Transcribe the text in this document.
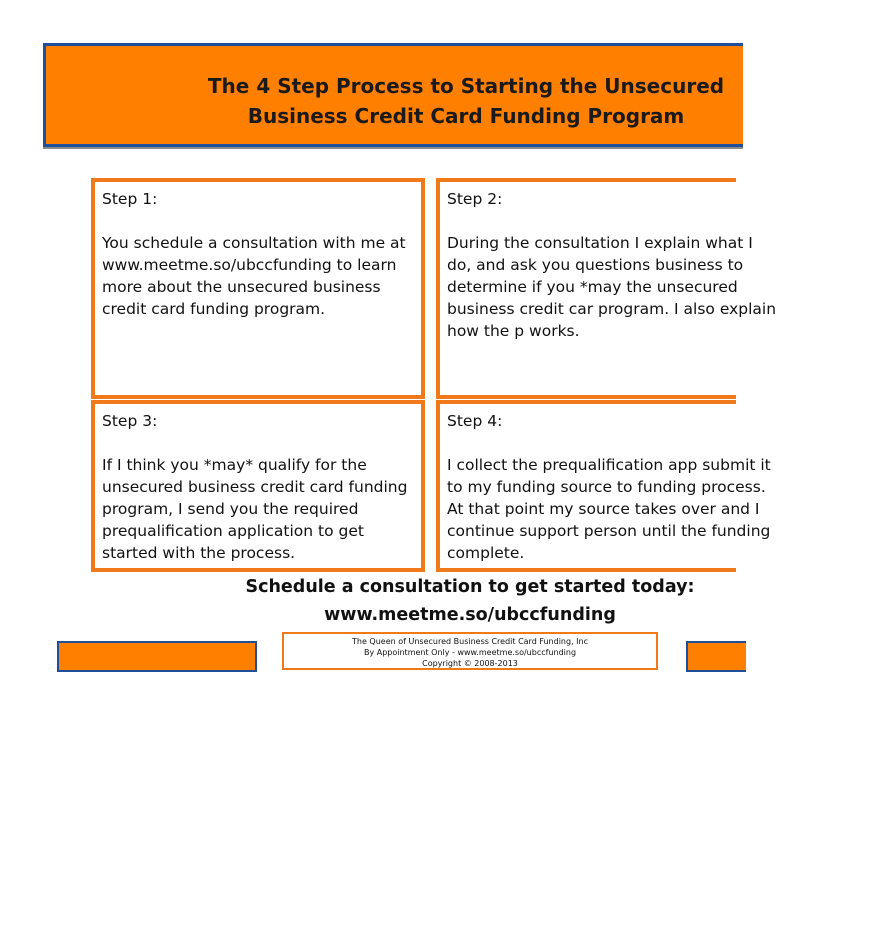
The 4 Step Process to Starting the Unsecured
Business Credit Card Funding Program
Step 1:
You schedule a consultation with me at www.meetme.so/ubccfunding to learn more about the unsecured business credit card funding program.
Step 2:
During the consultation I explain what I do, and ask you questions business to determine if you *may the unsecured business credit car program. I also explain how the p works.
Step 3:
If I think you *may* qualify for the unsecured business credit card funding program, I send you the required prequalification application to get started with the process.
Step 4:
I collect the prequalification app submit it to my funding source to funding process. At that point my source takes over and I continue support person until the funding complete.
Schedule a consultation to get started today:
www.meetme.so/ubccfunding
The Queen of Unsecured Business Credit Card Funding, Inc
By Appointment Only - www.meetme.so/ubccfunding
Copyright © 2008-2013
